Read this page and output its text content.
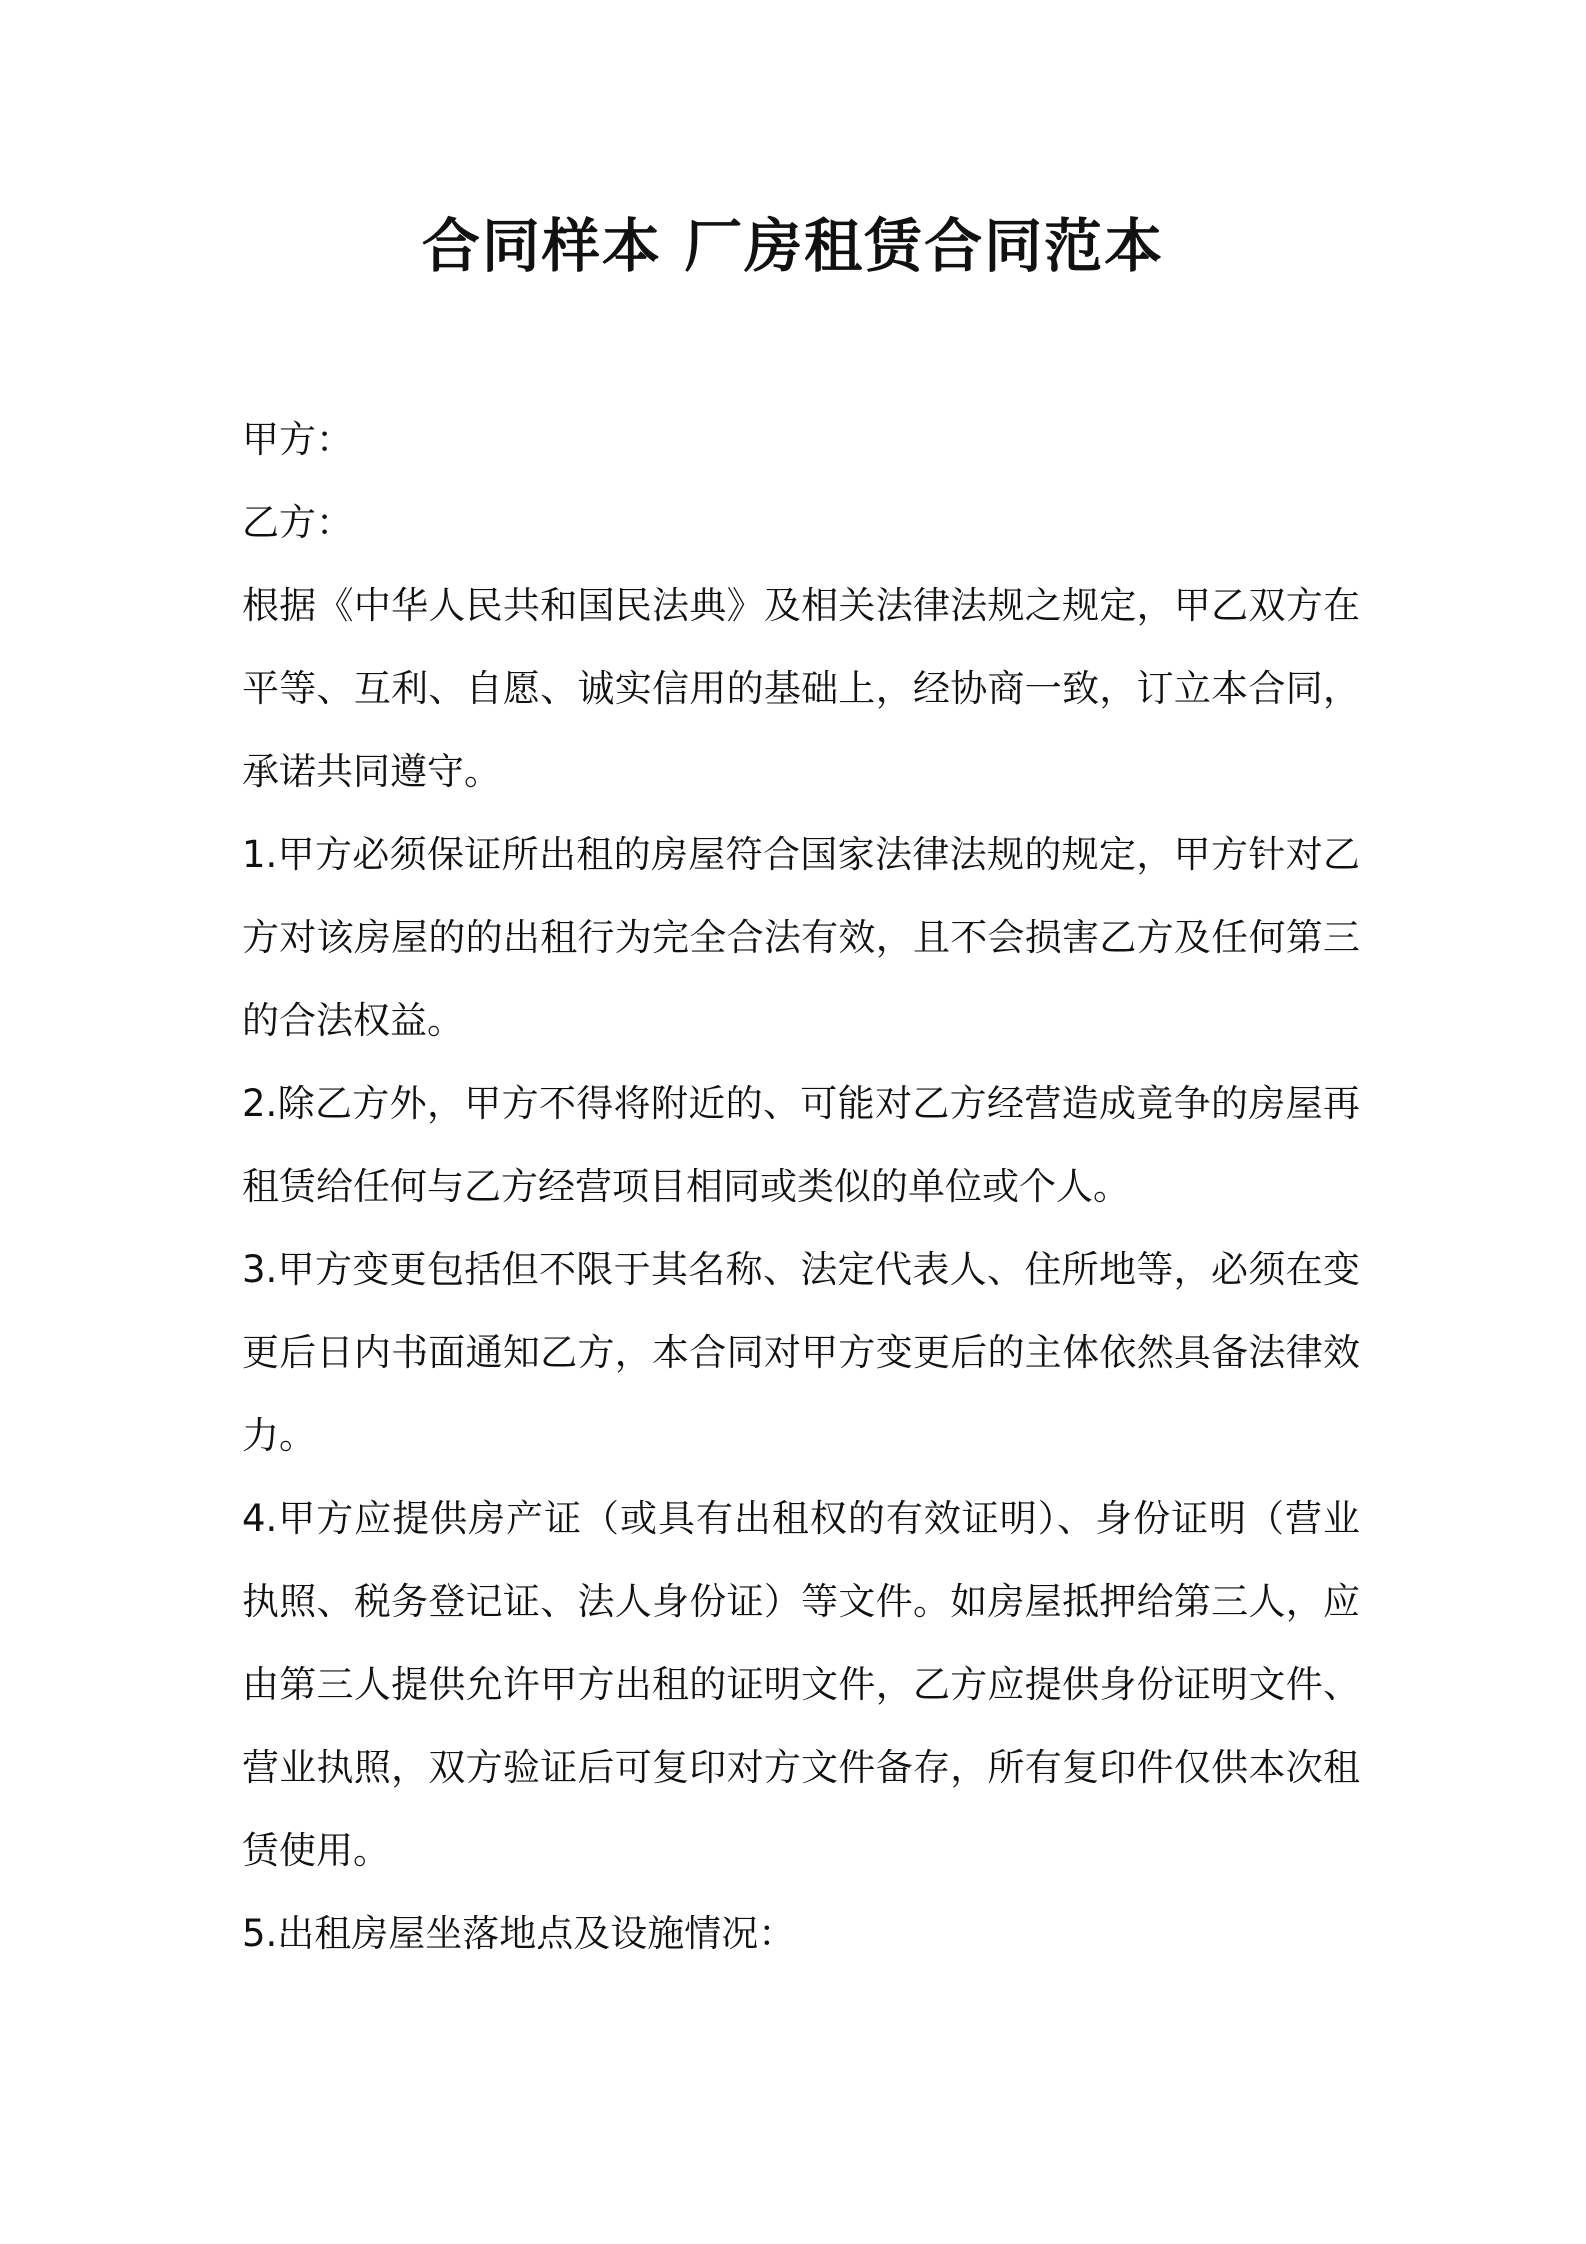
合同样本 厂房租赁合同范本

甲方：

乙方：

根据《中华人民共和国民法典》及相关法律法规之规定，甲乙双方在平等、互利、自愿、诚实信用的基础上，经协商一致，订立本合同，承诺共同遵守。

1.甲方必须保证所出租的房屋符合国家法律法规的规定，甲方针对乙方对该房屋的的出租行为完全合法有效，且不会损害乙方及任何第三的合法权益。

2.除乙方外，甲方不得将附近的、可能对乙方经营造成竟争的房屋再租赁给任何与乙方经营项目相同或类似的单位或个人。

3.甲方变更包括但不限于其名称、法定代表人、住所地等，必须在变更后日内书面通知乙方，本合同对甲方变更后的主体依然具备法律效力。

4.甲方应提供房产证（或具有出租权的有效证明）、身份证明（营业执照、税务登记证、法人身份证）等文件。如房屋抵押给第三人，应由第三人提供允许甲方出租的证明文件，乙方应提供身份证明文件、营业执照，双方验证后可复印对方文件备存，所有复印件仅供本次租赁使用。

5.出租房屋坐落地点及设施情况：
